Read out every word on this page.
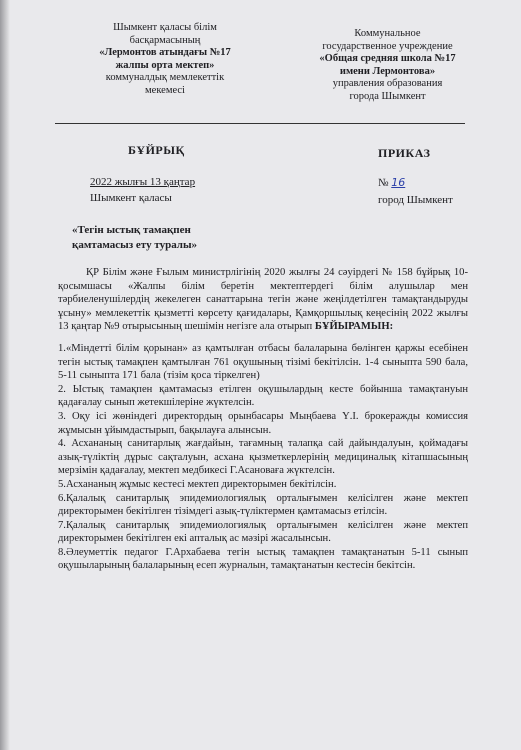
Шымкент қаласы білім
басқармасының
«Лермонтов атындағы №17
жалпы орта мектеп»
коммуналдық мемлекеттік
мекемесі
Коммунальное
государственное учреждение
«Общая средняя школа №17
имени Лермонтова»
управления образования
города Шымкент
БҰЙРЫҚ	ПРИКАЗ
2022 жылғы 13 қаңтар
Шымкент қаласы
№ 16
город Шымкент
«Тегін ыстық тамақпен
қамтамасыз ету туралы»

ҚР Білім және Ғылым министрлігінің 2020 жылғы 24 сәуірдегі № 158 бұйрық 10-қосымшасы «Жалпы білім беретін мектептердегі білім алушылар мен тәрбиеленушілердің жекелеген санаттарына тегін және жеңілдетілген тамақтандыруды ұсыну» мемлекеттік қызметті көрсету қағидалары, Қамқоршылық кеңесінің 2022 жылғы 13 қаңтар №9 отырысының шешімін негізге ала отырып БҰЙЫРАМЫН:

1.«Міндетті білім қорынан» аз қамтылған отбасы балаларына бөлінген қаржы есебінен тегін ыстық тамақпен қамтылған 761 оқушының тізімі бекітілсін. 1-4 сыныпта 590 бала, 5-11 сыныпта 171 бала (тізім қоса тіркелген)

2. Ыстық тамақпен қамтамасыз етілген оқушылардың кесте бойынша тамақтануын қадағалау сынып жетекшілеріне жүктелсін.

3. Оқу ісі жөніндегі директордың орынбасары Мыңбаева Ү.І. брокеражды комиссия жұмысын ұйымдастырып, бақылауға алынсын.

4. Асхананың санитарлық жағдайын, тағамның талапқа сай дайындалуын, қоймадағы азық-түліктің дұрыс сақталуын, асхана қызметкерлерінің медициналық кітапшасының мерзімін қадағалау, мектеп медбикесі Г.Асановаға жүктелсін.

5.Асхананың жұмыс кестесі мектеп директорымен бекітілсін.

6.Қалалық санитарлық эпидемиологиялық орталығымен келісілген және мектеп директорымен бекітілген тізімдегі азық-түліктермен қамтамасыз етілсін.

7.Қалалық санитарлық эпидемиологиялық орталығымен келісілген және мектеп директорымен бекітілген екі апталық ас мәзірі жасалынсын.

8.Әлеуметтік педагог Г.Архабаева тегін ыстық тамақпен тамақтанатын 5-11 сынып оқушыларының балаларының есеп журналын, тамақтанатын кестесін бекітсін.
